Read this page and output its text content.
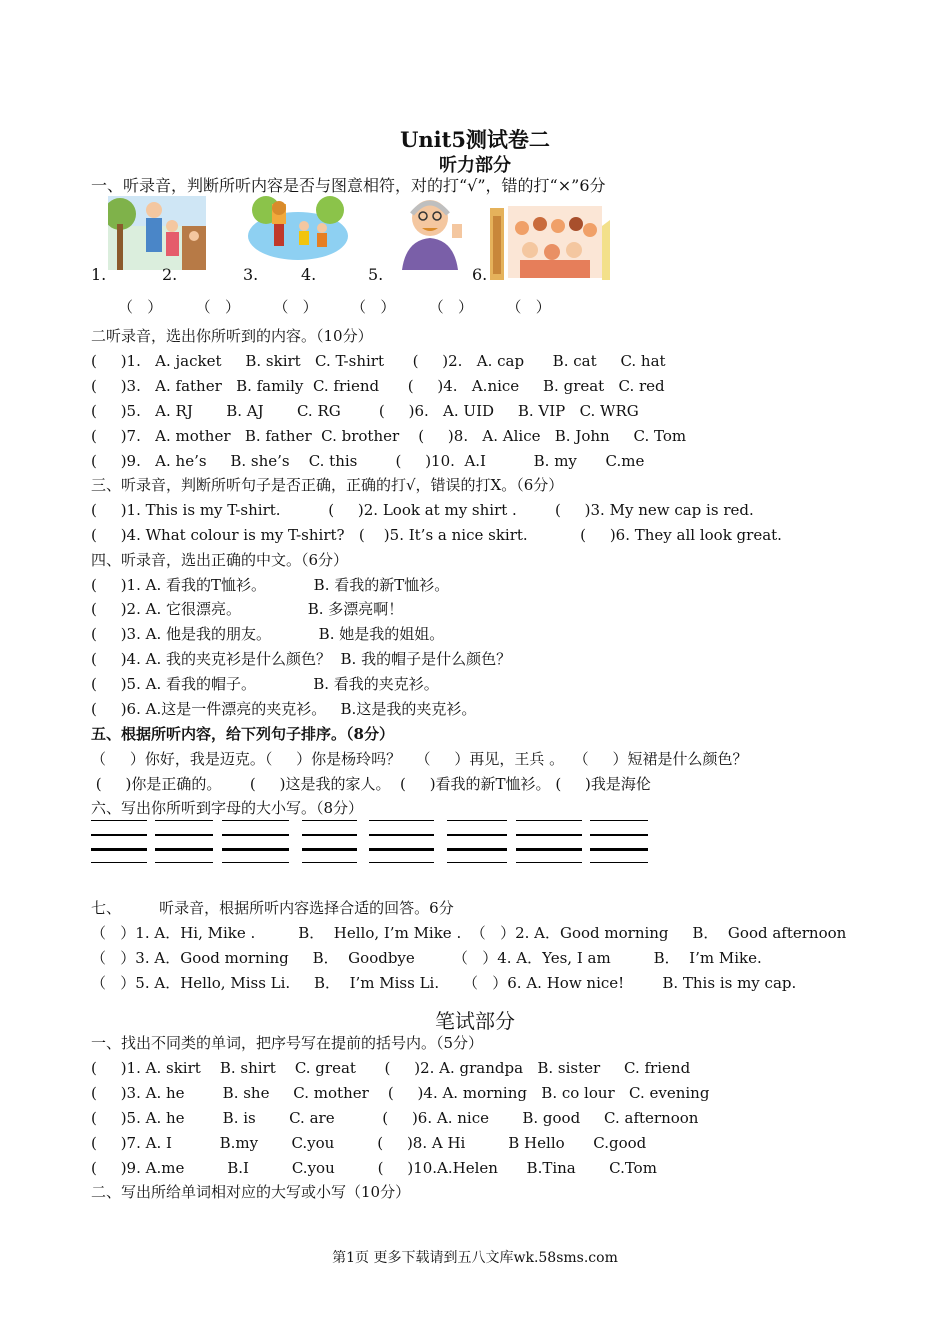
Unit5测试卷二
听力部分
一、听录音，判断所听内容是否与图意相符，对的打“√”，错的打“×”6分
1.	2.	3.	4.	5.	6.
（   ）       （   ）       （   ）       （   ）       （   ）       （   ）
二听录音，选出你所听到的内容。（10分）
(     )1.   A. jacket     B. skirt   C. T-shirt      (     )2.   A. cap      B. cat     C. hat
(     )3.   A. father   B. family  C. friend      (     )4.   A.nice     B. great   C. red
(     )5.   A. RJ       B. AJ       C. RG        (     )6.   A. UID     B. VIP   C. WRG
(     )7.   A. mother   B. father  C. brother    (     )8.   A. Alice   B. John     C. Tom
(     )9.   A. he’s     B. she’s    C. this        (     )10.  A.I          B. my      C.me
三、听录音，判断所听句子是否正确，正确的打√，错误的打X。（6分）
(     )1. This is my T-shirt.          (     )2. Look at my shirt .        (     )3. My new cap is red.
(     )4. What colour is my T-shirt?   (    )5. It’s a nice skirt.           (     )6. They all look great.
四、听录音，选出正确的中文。（6分）
(     )1. A. 看我的T恤衫。          B. 看我的新T恤衫。
(     )2. A. 它很漂亮。              B. 多漂亮啊！
(     )3. A. 他是我的朋友。          B. 她是我的姐姐。
(     )4. A. 我的夹克衫是什么颜色？  B. 我的帽子是什么颜色？
(     )5. A. 看我的帽子。            B. 看我的夹克衫。
(     )6. A.这是一件漂亮的夹克衫。   B.这是我的夹克衫。
五、根据所听内容，给下列句子排序。（8分）
（     ）你好，我是迈克。（     ）你是杨玲吗？   （     ）再见，王兵 。  （     ）短裙是什么颜色？
(     )你是正确的。      (     )这是我的家人。  (     )看我的新T恤衫。 (     )我是海伦
六、写出你所听到字母的大小写。（8分）
七、        听录音，根据所听内容选择合适的回答。6分
（   ）1. A．Hi, Mike .         B．  Hello, I’m Mike .  （   ）2. A．Good morning     B．  Good afternoon
（   ）3. A．Good morning     B．  Goodbye        （   ）4. A．Yes, I am         B．  I’m Mike.
（   ）5. A．Hello, Miss Li.     B．  I’m Miss Li.     （   ）6. A. How nice!        B. This is my cap.
笔试部分
一、找出不同类的单词，把序号写在提前的括号内。（5分）
(     )1. A. skirt    B. shirt    C. great      (     )2. A. grandpa   B. sister     C. friend
(     )3. A. he        B. she     C. mother    (     )4. A. morning   B. co lour   C. evening
(     )5. A. he        B. is       C. are          (     )6. A. nice       B. good     C. afternoon
(     )7. A. I          B.my       C.you         (     )8. A Hi         B Hello      C.good
(     )9. A.me         B.I         C.you         (     )10.A.Helen      B.Tina       C.Tom
二、写出所给单词相对应的大写或小写（10分）
第1页 更多下载请到五八文库wk.58sms.com
